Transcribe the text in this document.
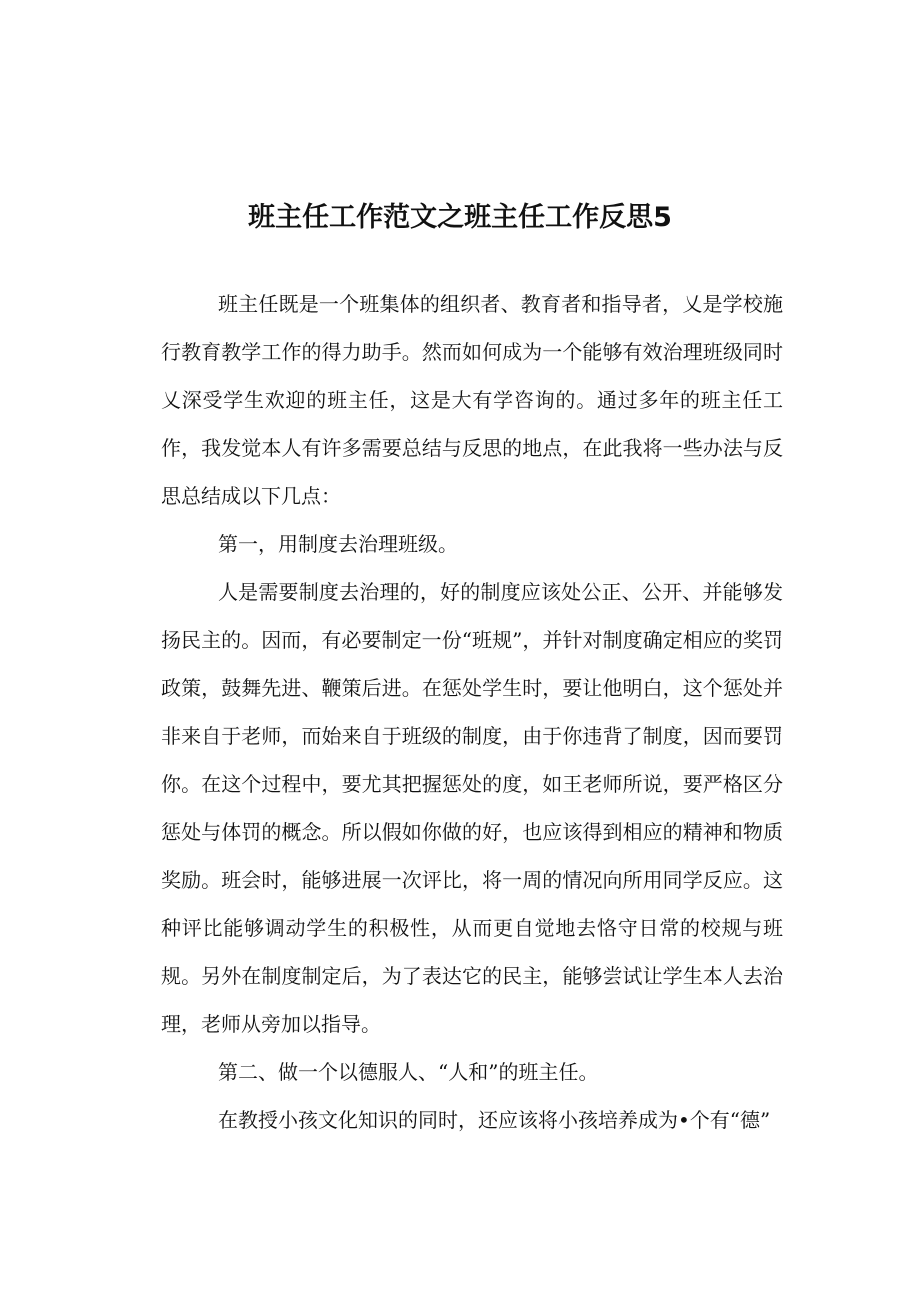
班主任工作范文之班主任工作反思5

班主任既是一个班集体的组织者、教育者和指导者，乂是学校施行教育教学工作的得力助手。然而如何成为一个能够有效治理班级同时乂深受学生欢迎的班主任，这是大有学咨询的。通过多年的班主任工作，我发觉本人有许多需要总结与反思的地点，在此我将一些办法与反思总结成以下几点：

第一，用制度去治理班级。

人是需要制度去治理的，好的制度应该处公正、公开、并能够发扬民主的。因而，有必要制定一份“班规”，并针对制度确定相应的奖罚政策，鼓舞先进、鞭策后进。在惩处学生时，要让他明白，这个惩处并非来自于老师，而始来自于班级的制度，由于你违背了制度，因而要罚你。在这个过程中，要尤其把握惩处的度，如王老师所说，要严格区分惩处与体罚的概念。所以假如你做的好，也应该得到相应的精神和物质奖励。班会时，能够进展一次评比，将一周的情况向所用同学反应。这种评比能够调动学生的积极性，从而更自觉地去恪守日常的校规与班规。另外在制度制定后，为了表达它的民主，能够尝试让学生本人去治理，老师从旁加以指导。

第二、做一个以德服人、“人和”的班主任。

在教授小孩文化知识的同时，还应该将小孩培养成为•个有“德”
